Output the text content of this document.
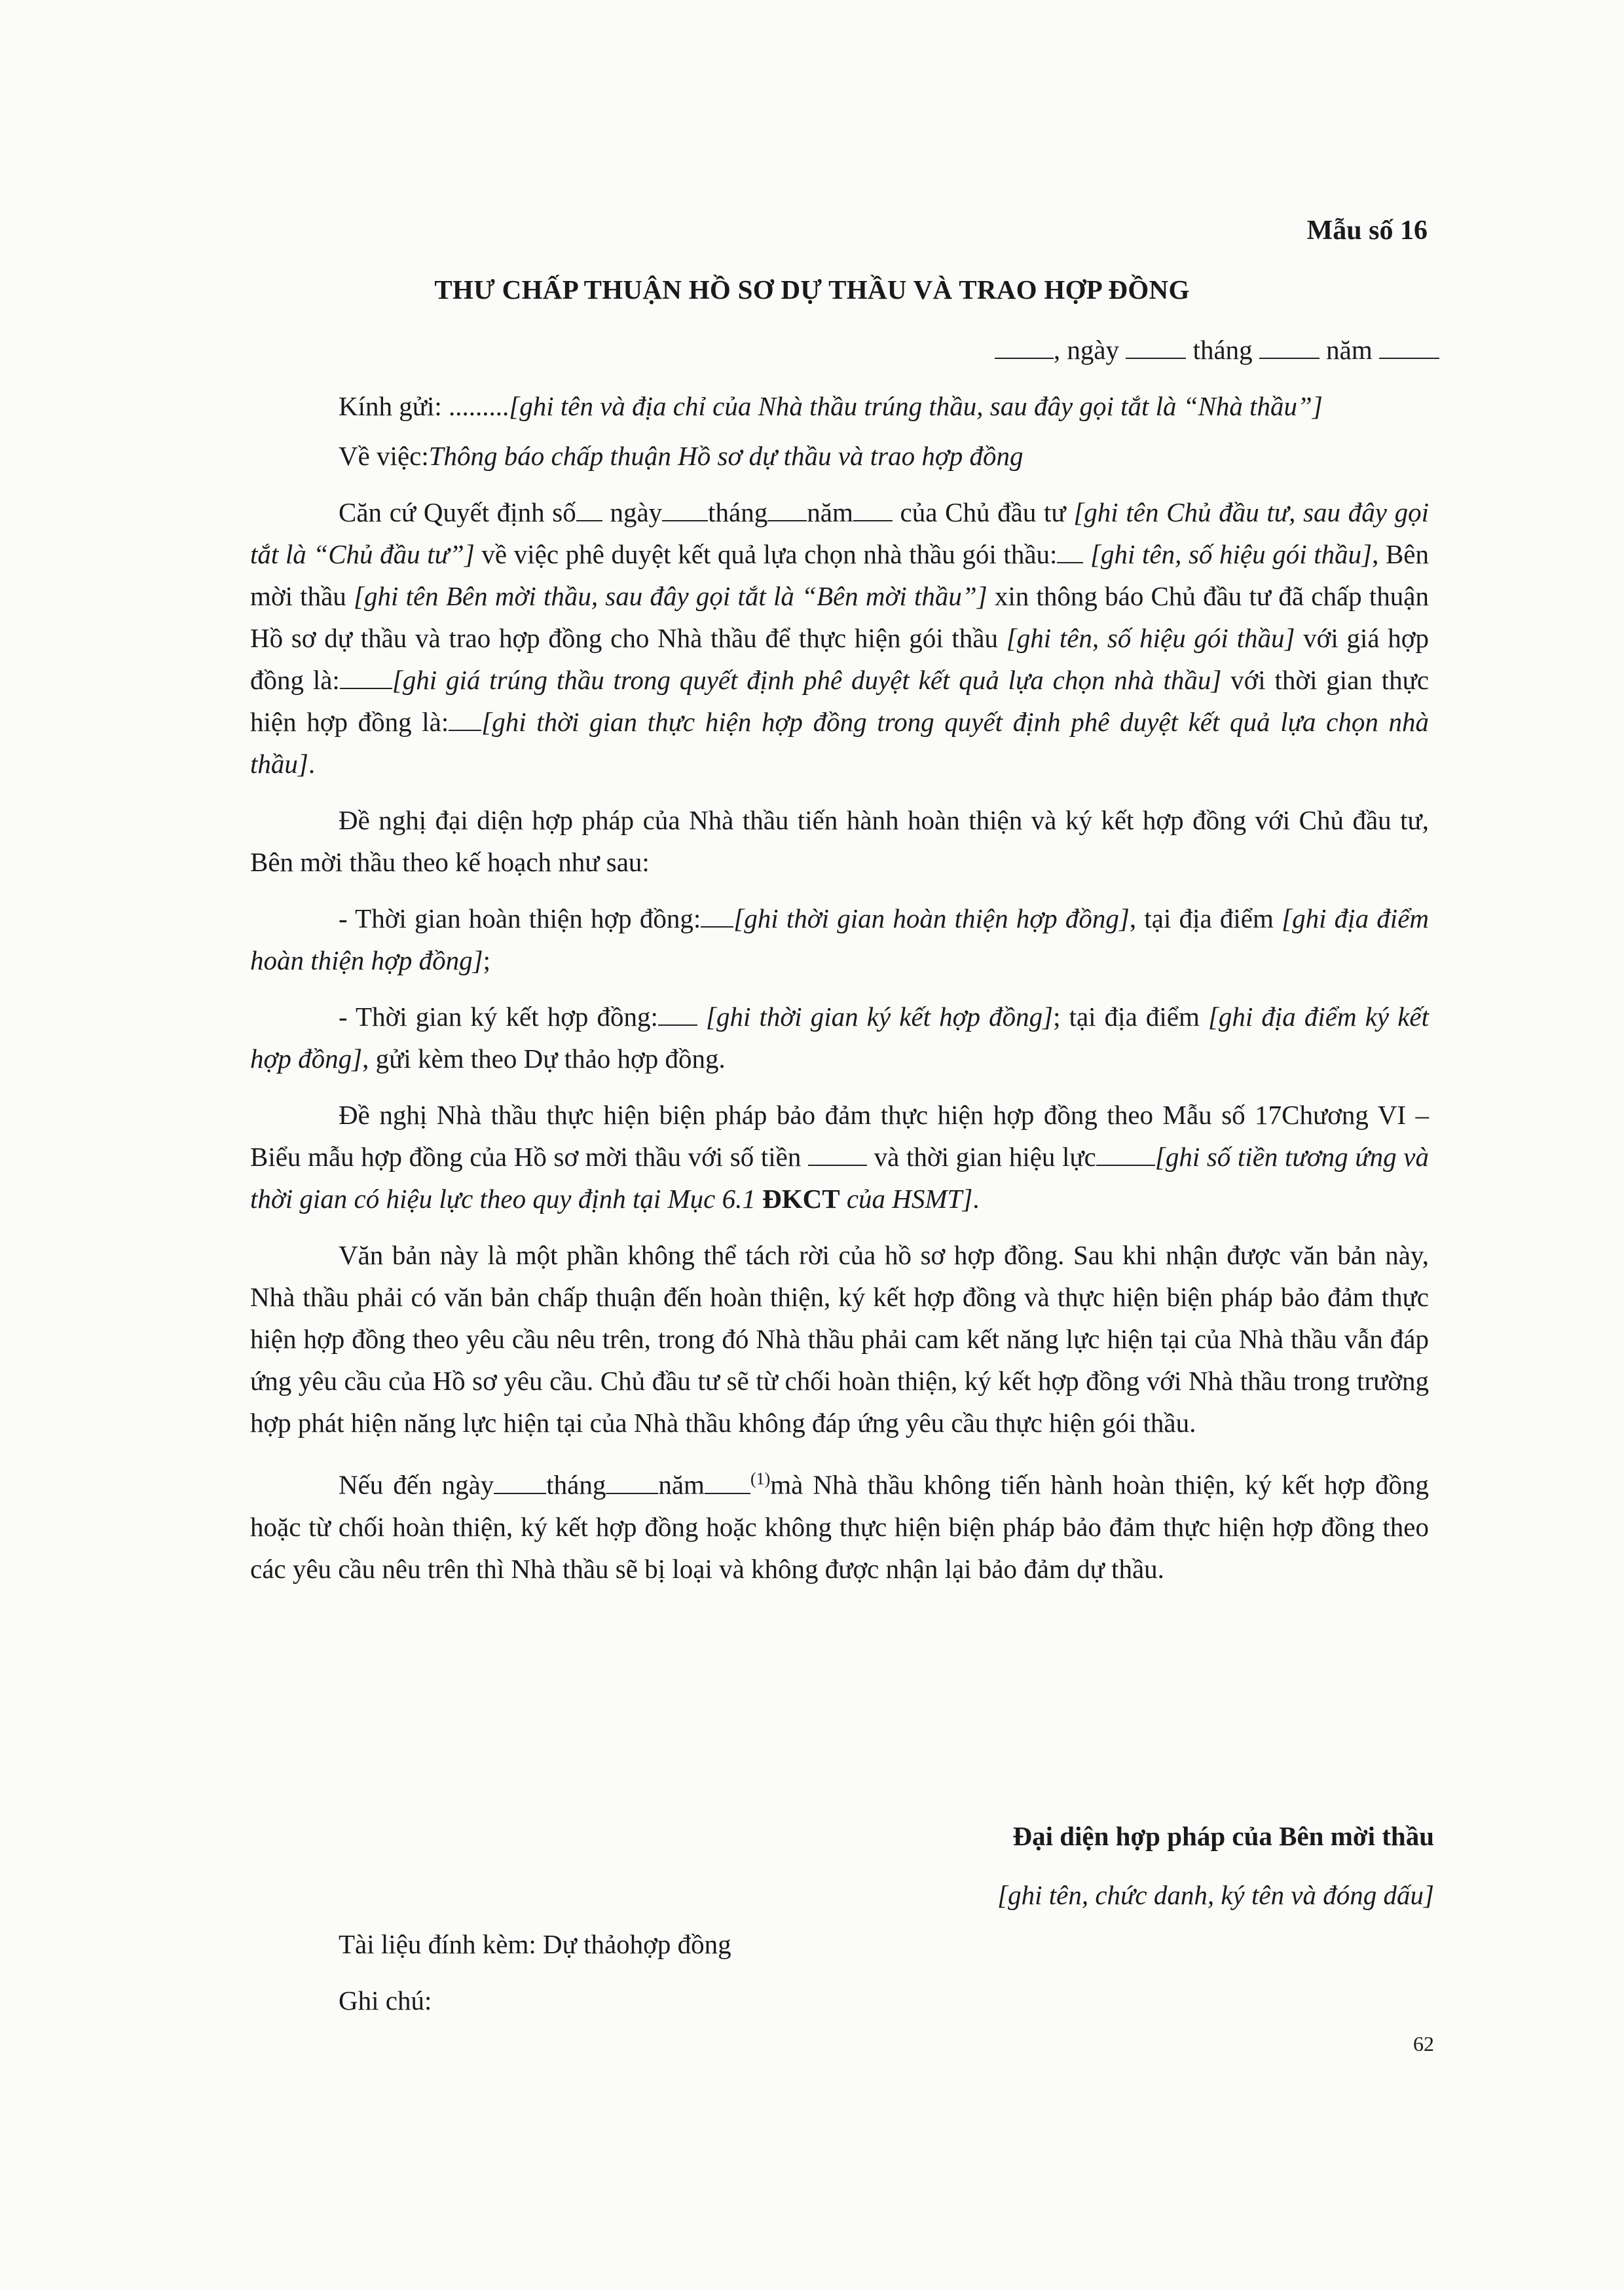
Mẫu số 16
THƯ CHẤP THUẬN HỒ SƠ DỰ THẦU VÀ TRAO HỢP ĐỒNG
, ngày	tháng	năm

Kính gửi: .........[ghi tên và địa chỉ của Nhà thầu trúng thầu, sau đây gọi tắt là “Nhà thầu”]

Về việc:Thông báo chấp thuận Hồ sơ dự thầu và trao hợp đồng

Căn cứ Quyết định số ngày tháng năm của Chủ đầu tư [ghi tên Chủ đầu tư, sau đây gọi tắt là “Chủ đầu tư”] về việc phê duyệt kết quả lựa chọn nhà thầu gói thầu: [ghi tên, số hiệu gói thầu], Bên mời thầu [ghi tên Bên mời thầu, sau đây gọi tắt là “Bên mời thầu”] xin thông báo Chủ đầu tư đã chấp thuận Hồ sơ dự thầu và trao hợp đồng cho Nhà thầu để thực hiện gói thầu [ghi tên, số hiệu gói thầu] với giá hợp đồng là: [ghi giá trúng thầu trong quyết định phê duyệt kết quả lựa chọn nhà thầu] với thời gian thực hiện hợp đồng là: [ghi thời gian thực hiện hợp đồng trong quyết định phê duyệt kết quả lựa chọn nhà thầu].

Đề nghị đại diện hợp pháp của Nhà thầu tiến hành hoàn thiện và ký kết hợp đồng với Chủ đầu tư, Bên mời thầu theo kế hoạch như sau:

- Thời gian hoàn thiện hợp đồng: [ghi thời gian hoàn thiện hợp đồng], tại địa điểm [ghi địa điểm hoàn thiện hợp đồng];

- Thời gian ký kết hợp đồng: [ghi thời gian ký kết hợp đồng]; tại địa điểm [ghi địa điểm ký kết hợp đồng], gửi kèm theo Dự thảo hợp đồng.

Đề nghị Nhà thầu thực hiện biện pháp bảo đảm thực hiện hợp đồng theo Mẫu số 17Chương VI – Biểu mẫu hợp đồng của Hồ sơ mời thầu với số tiền  và thời gian hiệu lực [ghi số tiền tương ứng và thời gian có hiệu lực theo quy định tại Mục 6.1 ĐKCT của HSMT].

Văn bản này là một phần không thể tách rời của hồ sơ hợp đồng. Sau khi nhận được văn bản này, Nhà thầu phải có văn bản chấp thuận đến hoàn thiện, ký kết hợp đồng và thực hiện biện pháp bảo đảm thực hiện hợp đồng theo yêu cầu nêu trên, trong đó Nhà thầu phải cam kết năng lực hiện tại của Nhà thầu vẫn đáp ứng yêu cầu của Hồ sơ yêu cầu. Chủ đầu tư sẽ từ chối hoàn thiện, ký kết hợp đồng với Nhà thầu trong trường hợp phát hiện năng lực hiện tại của Nhà thầu không đáp ứng yêu cầu thực hiện gói thầu.

Nếu đến ngày tháng năm	$^{(1)}$mà Nhà thầu không tiến hành hoàn thiện, ký kết hợp đồng hoặc từ chối hoàn thiện, ký kết hợp đồng hoặc không thực hiện biện pháp bảo đảm thực hiện hợp đồng theo các yêu cầu nêu trên thì Nhà thầu sẽ bị loại và không được nhận lại bảo đảm dự thầu.

Đại diện hợp pháp của Bên mời thầu
[ghi tên, chức danh, ký tên và đóng dấu]
Tài liệu đính kèm: Dự thảohợp đồng
Ghi chú:
62
